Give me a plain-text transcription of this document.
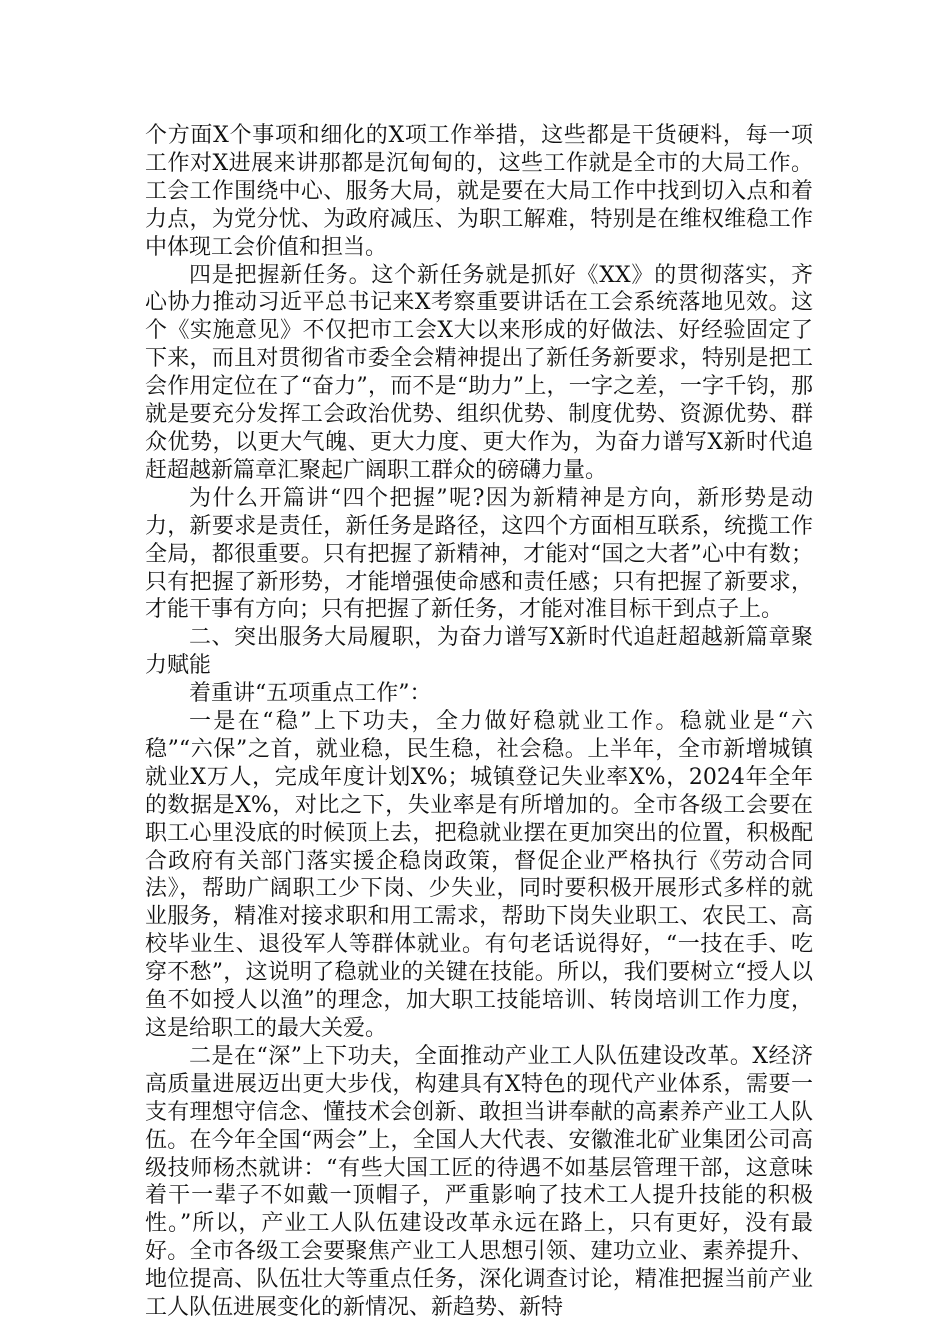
个方面X个事项和细化的X项工作举措，这些都是干货硬料，每一项工作对X进展来讲那都是沉甸甸的，这些工作就是全市的大局工作。工会工作围绕中心、服务大局，就是要在大局工作中找到切入点和着力点，为党分忧、为政府减压、为职工解难，特别是在维权维稳工作中体现工会价值和担当。

四是把握新任务。这个新任务就是抓好《XX》的贯彻落实，齐心协力推动习近平总书记来X考察重要讲话在工会系统落地见效。这个《实施意见》不仅把市工会X大以来形成的好做法、好经验固定了下来，而且对贯彻省市委全会精神提出了新任务新要求，特别是把工会作用定位在了“奋力”，而不是“助力”上，一字之差，一字千钧，那就是要充分发挥工会政治优势、组织优势、制度优势、资源优势、群众优势，以更大气魄、更大力度、更大作为，为奋力谱写X新时代追赶超越新篇章汇聚起广阔职工群众的磅礴力量。

为什么开篇讲“四个把握”呢?因为新精神是方向，新形势是动力，新要求是责任，新任务是路径，这四个方面相互联系，统揽工作全局，都很重要。只有把握了新精神，才能对“国之大者”心中有数；只有把握了新形势，才能增强使命感和责任感；只有把握了新要求，才能干事有方向；只有把握了新任务，才能对准目标干到点子上。

二、突出服务大局履职，为奋力谱写X新时代追赶超越新篇章聚力赋能

着重讲“五项重点工作”：

一是在“稳”上下功夫，全力做好稳就业工作。稳就业是“六稳”“六保”之首，就业稳，民生稳，社会稳。上半年，全市新增城镇就业X万人，完成年度计划X%；城镇登记失业率X%，2024年全年的数据是X%，对比之下，失业率是有所增加的。全市各级工会要在职工心里没底的时候顶上去，把稳就业摆在更加突出的位置，积极配合政府有关部门落实援企稳岗政策，督促企业严格执行《劳动合同法》，帮助广阔职工少下岗、少失业，同时要积极开展形式多样的就业服务，精准对接求职和用工需求，帮助下岗失业职工、农民工、高校毕业生、退役军人等群体就业。有句老话说得好，“一技在手、吃穿不愁”，这说明了稳就业的关键在技能。所以，我们要树立“授人以鱼不如授人以渔”的理念，加大职工技能培训、转岗培训工作力度，这是给职工的最大关爱。

二是在“深”上下功夫，全面推动产业工人队伍建设改革。X经济高质量进展迈出更大步伐，构建具有X特色的现代产业体系，需要一支有理想守信念、懂技术会创新、敢担当讲奉献的高素养产业工人队伍。在今年全国“两会”上，全国人大代表、安徽淮北矿业集团公司高级技师杨杰就讲：“有些大国工匠的待遇不如基层管理干部，这意味着干一辈子不如戴一顶帽子，严重影响了技术工人提升技能的积极性。”所以，产业工人队伍建设改革永远在路上，只有更好，没有最好。全市各级工会要聚焦产业工人思想引领、建功立业、素养提升、地位提高、队伍壮大等重点任务，深化调查讨论，精准把握当前产业工人队伍进展变化的新情况、新趋势、新特
